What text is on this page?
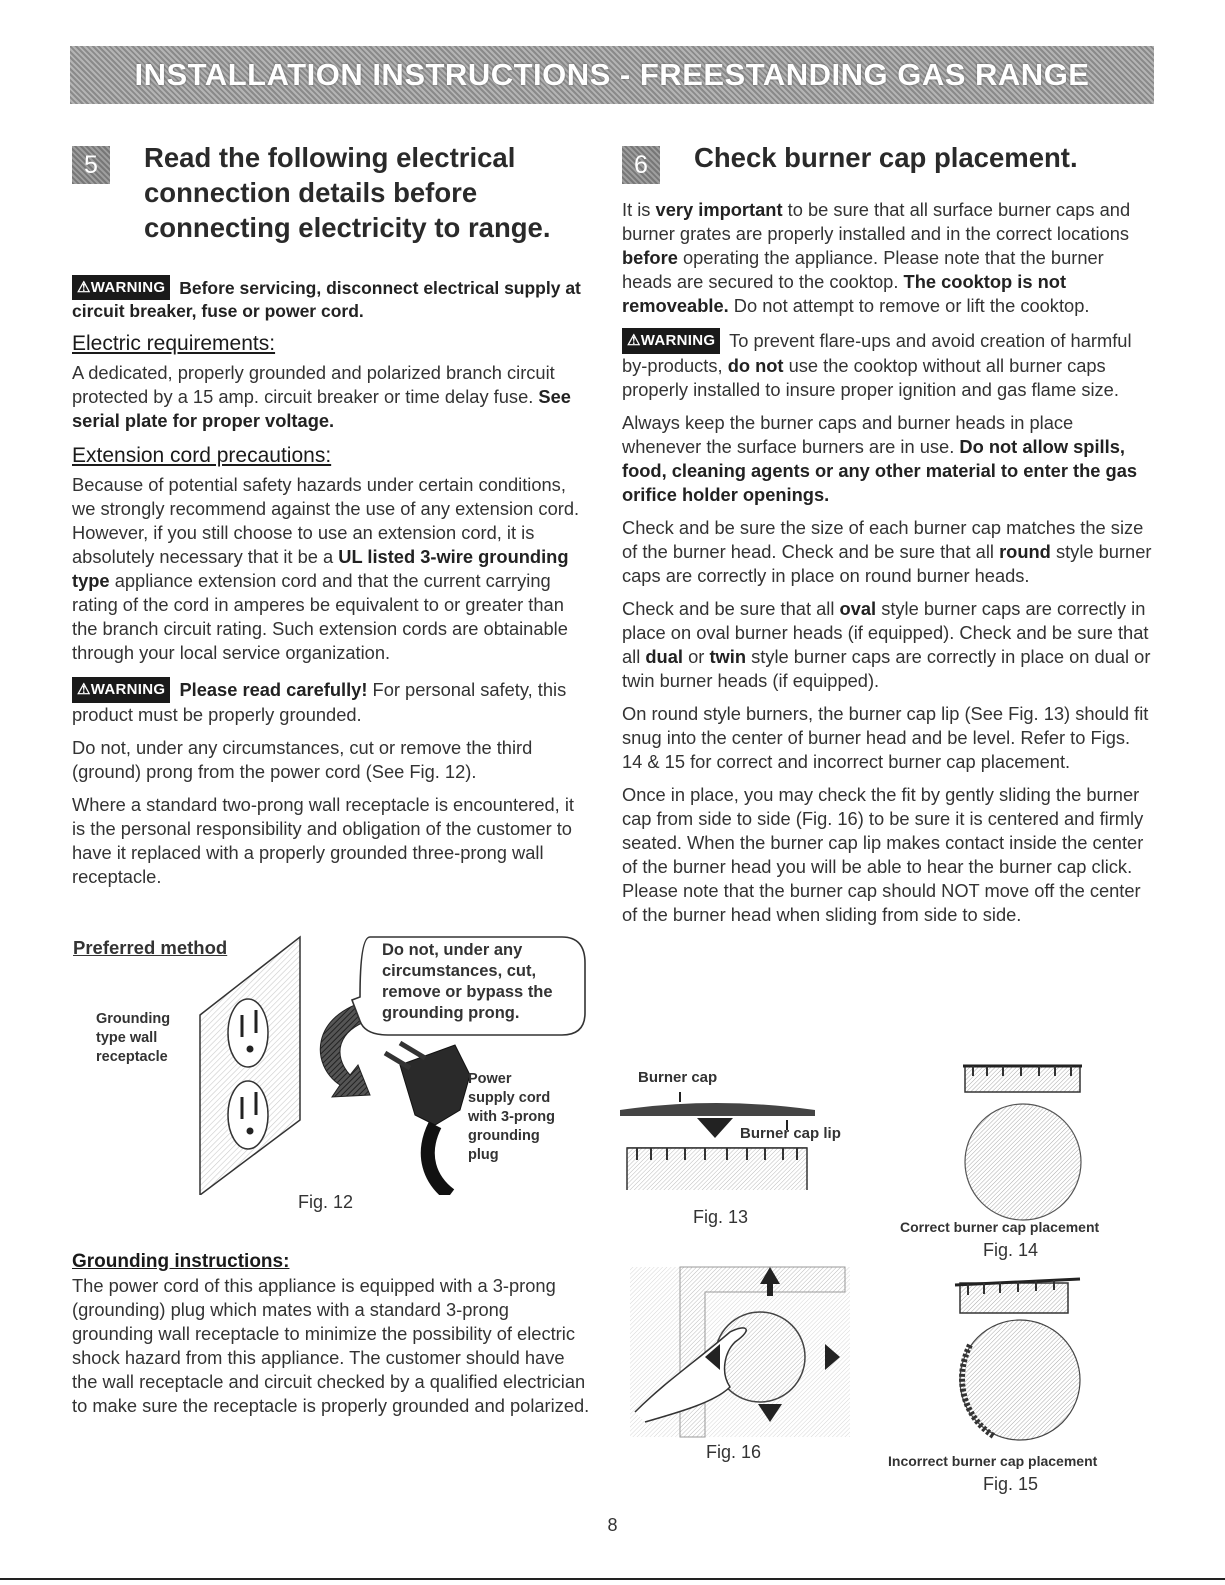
INSTALLATION INSTRUCTIONS - FREESTANDING GAS RANGE
5	Read the following electrical connection details before connecting electricity to range.
⚠WARNING Before servicing, disconnect electrical supply at circuit breaker, fuse or power cord.
Electric requirements:

A dedicated, properly grounded and polarized branch circuit protected by a 15 amp. circuit breaker or time delay fuse. See serial plate for proper voltage.

Extension cord precautions:

Because of potential safety hazards under certain conditions, we strongly recommend against the use of any extension cord. However, if you still choose to use an extension cord, it is absolutely necessary that it be a UL listed 3-wire grounding type appliance extension cord and that the current carrying rating of the cord in amperes be equivalent to or greater than the branch circuit rating. Such extension cords are obtainable through your local service organization.

⚠WARNING Please read carefully! For personal safety, this product must be properly grounded.

Do not, under any circumstances, cut or remove the third (ground) prong from the power cord (See Fig. 12).

Where a standard two-prong wall receptacle is encountered, it is the personal responsibility and obligation of the customer to have it replaced with a properly grounded three-prong wall receptacle.

Preferred method	Do not, under any circumstances, cut, remove or bypass the grounding prong.
Grounding type wall receptacle
Power supply cord with 3-prong grounding plug
Fig. 12
Grounding instructions:

The power cord of this appliance is equipped with a 3-prong (grounding) plug which mates with a standard 3-prong grounding wall receptacle to minimize the possibility of electric shock hazard from this appliance. The customer should have the wall receptacle and circuit checked by a qualified electrician to make sure the receptacle is properly grounded and polarized.

6	Check burner cap placement.

It is very important to be sure that all surface burner caps and burner grates are properly installed and in the correct locations before operating the appliance. Please note that the burner heads are secured to the cooktop. The cooktop is not removeable. Do not attempt to remove or lift the cooktop.

⚠WARNING To prevent flare-ups and avoid creation of harmful by-products, do not use the cooktop without all burner caps properly installed to insure proper ignition and gas flame size.

Always keep the burner caps and burner heads in place whenever the surface burners are in use. Do not allow spills, food, cleaning agents or any other material to enter the gas orifice holder openings.

Check and be sure the size of each burner cap matches the size of the burner head. Check and be sure that all round style burner caps are correctly in place on round burner heads.

Check and be sure that all oval style burner caps are correctly in place on oval burner heads (if equipped). Check and be sure that all dual or twin style burner caps are correctly in place on dual or twin burner heads (if equipped).

On round style burners, the burner cap lip (See Fig. 13) should fit snug into the center of burner head and be level. Refer to Figs. 14 & 15 for correct and incorrect burner cap placement.

Once in place, you may check the fit by gently sliding the burner cap from side to side (Fig. 16) to be sure it is centered and firmly seated. When the burner cap lip makes contact inside the center of the burner head you will be able to hear the burner cap click. Please note that the burner cap should NOT move off the center of the burner head when sliding from side to side.

Burner cap
Burner cap lip
Fig. 13	Correct burner cap placement
Fig. 14
Fig. 16	Incorrect burner cap placement
Fig. 15
8
